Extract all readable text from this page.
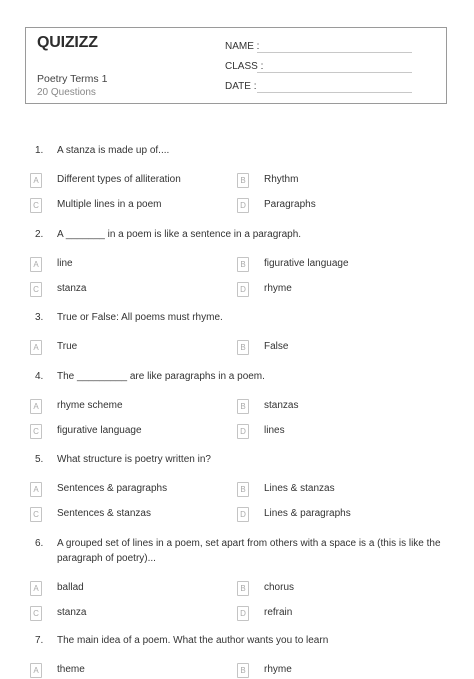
QUIZIZZ
Poetry Terms 1
20 Questions
NAME :
CLASS :
DATE :
1.	A stanza is made up of....
A	Different types of alliteration	B	Rhythm
C	Multiple lines in a poem	D	Paragraphs
2.	A _______ in a poem is like a sentence in a paragraph.
A	line	B	figurative language
C	stanza	D	rhyme
3.	True or False: All poems must rhyme.
A	True	B	False
4.	The _________ are like paragraphs in a poem.
A	rhyme scheme	B	stanzas
C	figurative language	D	lines
5.	What structure is poetry written in?
A	Sentences & paragraphs	B	Lines & stanzas
C	Sentences & stanzas	D	Lines & paragraphs
6.	A grouped set of lines in a poem, set apart from others with a space is a (this is like the paragraph of poetry)...
A	ballad	B	chorus
C	stanza	D	refrain
7.	The main idea of a poem. What the author wants you to learn
A	theme	B	rhyme
